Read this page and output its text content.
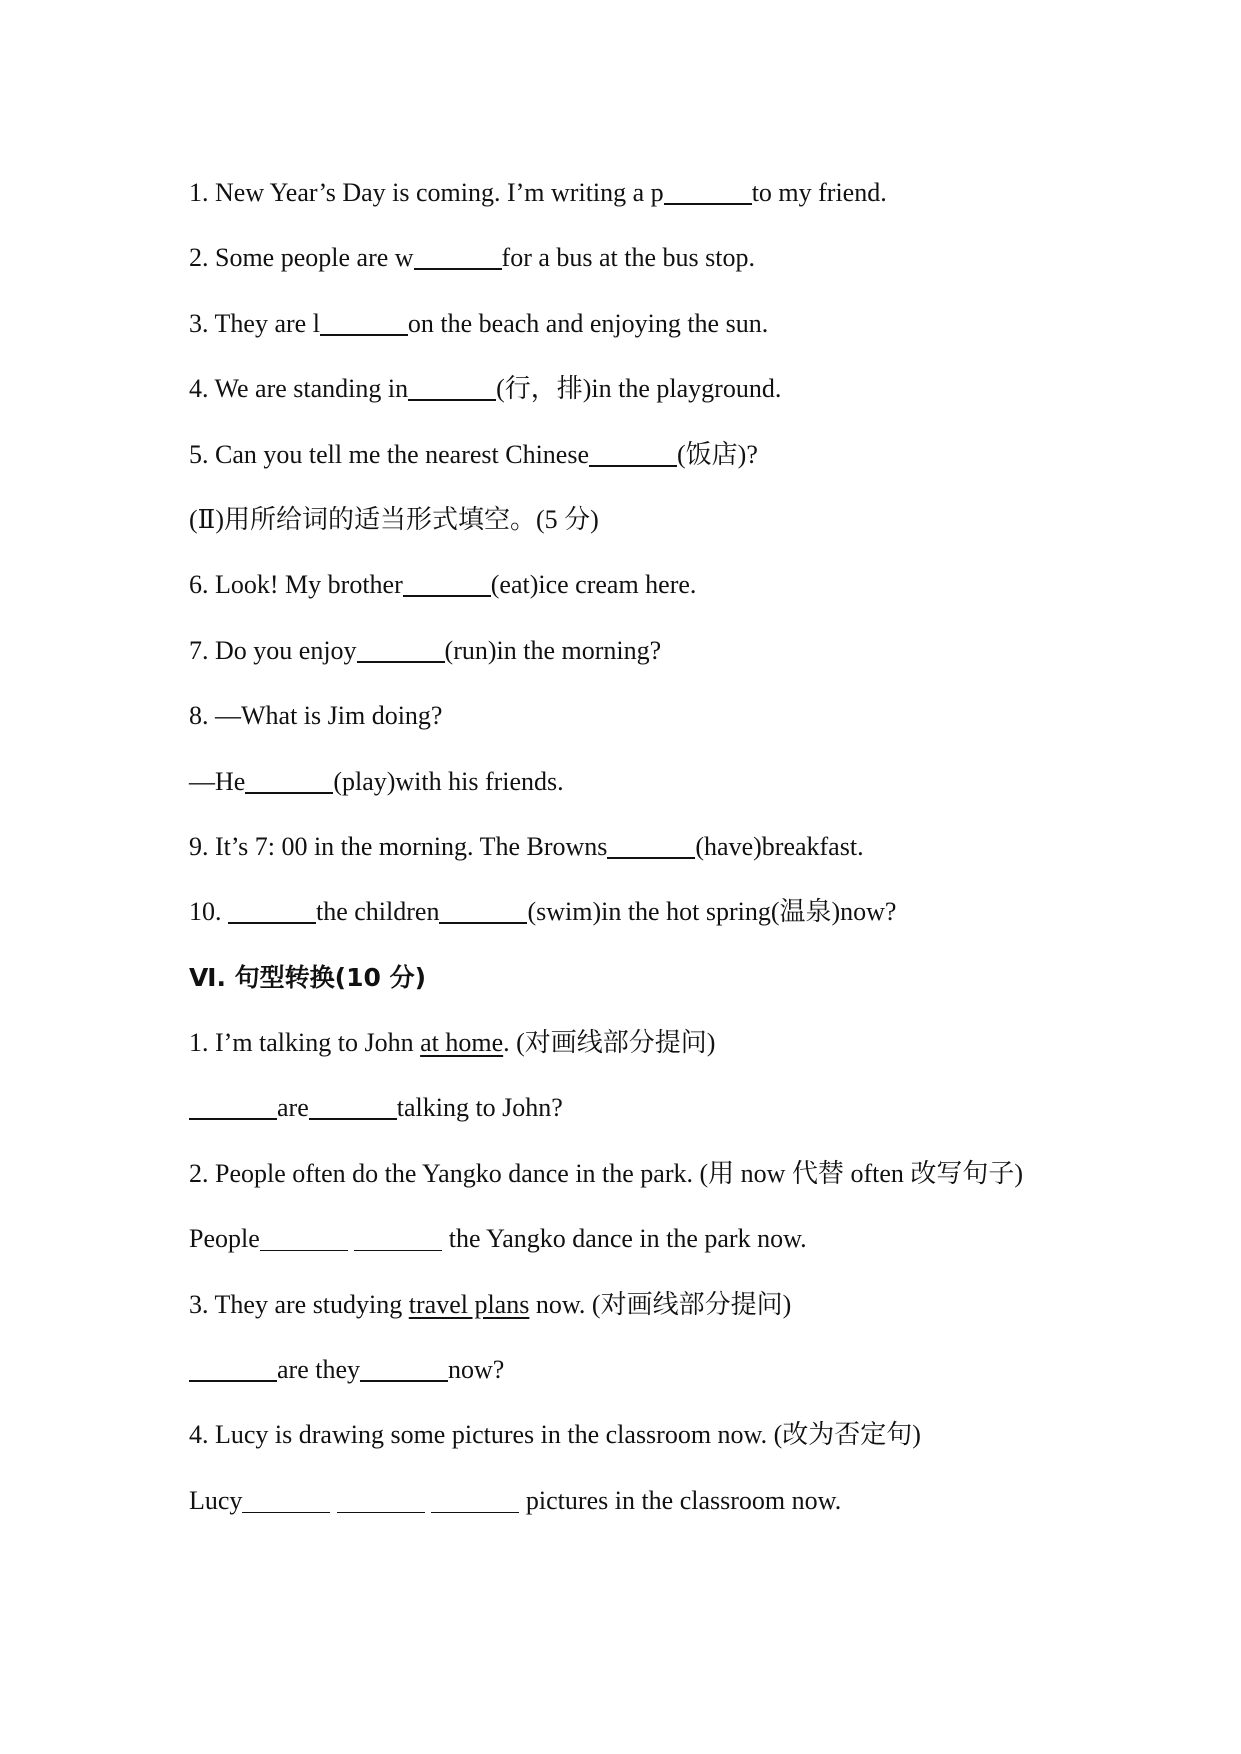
1. New Year’s Day is coming. I’m writing a p	to my friend.
2. Some people are w	for a bus at the bus stop.
3. They are l	on the beach and enjoying the sun.
4. We are standing in	(行，排)in the playground.
5. Can you tell me the nearest Chinese	(饭店)?
(Ⅱ)用所给词的适当形式填空。(5 分)
6. Look! My brother	(eat)ice cream here.
7. Do you enjoy	(run)in the morning?
8. —What is Jim doing?
—He	(play)with his friends.
9. It’s 7: 00 in the morning. The Browns	(have)breakfast.
10.	the children	(swim)in the hot spring(温泉)now?
Ⅵ. 句型转换(10 分)
1. I’m talking to John at home. (对画线部分提问)
are	talking to John?
2. People often do the Yangko dance in the park. (用 now 代替 often 改写句子)
People	the Yangko dance in the park now.
3. They are studying travel plans now. (对画线部分提问)
are they	now?
4. Lucy is drawing some pictures in the classroom now. (改为否定句)
Lucy	pictures in the classroom now.
